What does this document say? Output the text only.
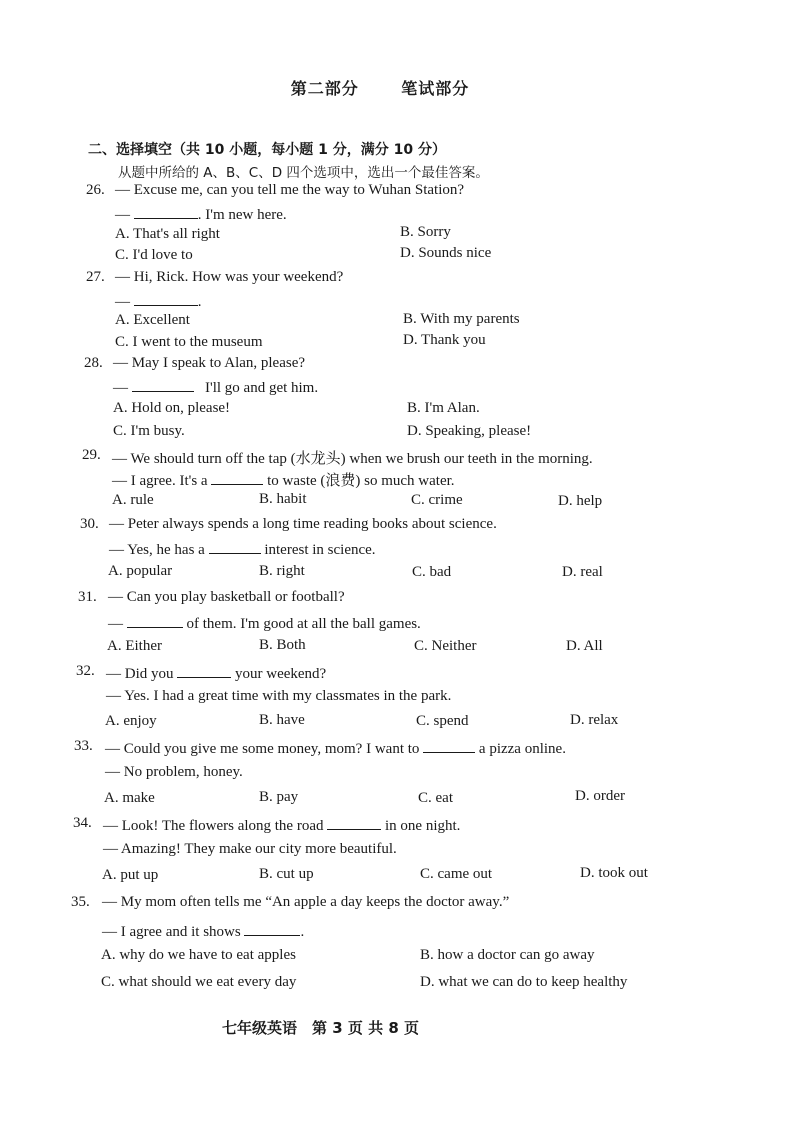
第二部分	笔试部分
二、选择填空（共 10 小题，每小题 1 分，满分 10 分）
从题中所给的 A、B、C、D 四个选项中，选出一个最佳答案。
26. — Excuse me, can you tell me the way to Wuhan Station?
—	. I'm new here.
A. That's all right	B. Sorry
C. I'd love to	D. Sounds nice
27. — Hi, Rick. How was your weekend?
—	.
A. Excellent	B. With my parents
C. I went to the museum	D. Thank you
28. — May I speak to Alan, please?
—	I'll go and get him.
A. Hold on, please!	B. I'm Alan.
C. I'm busy.	D. Speaking, please!
29. — We should turn off the tap (水龙头) when we brush our teeth in the morning.
— I agree. It's a	to waste (浪费) so much water.
A. rule	B. habit	C. crime	D. help
30. — Peter always spends a long time reading books about science.
— Yes, he has a	interest in science.
A. popular	B. right	C. bad	D. real
31. — Can you play basketball or football?
—	of them. I'm good at all the ball games.
A. Either	B. Both	C. Neither	D. All
32. — Did you	your weekend?
— Yes. I had a great time with my classmates in the park.
A. enjoy	B. have	C. spend	D. relax
33. — Could you give me some money, mom? I want to	a pizza online.
— No problem, honey.
A. make	B. pay	C. eat	D. order
34. — Look! The flowers along the road	in one night.
— Amazing! They make our city more beautiful.
A. put up	B. cut up	C. came out	D. took out
35. — My mom often tells me “An apple a day keeps the doctor away.”
— I agree and it shows	.
A. why do we have to eat apples	B. how a doctor can go away
C. what should we eat every day	D. what we can do to keep healthy
七年级英语　第 3 页 共 8 页
